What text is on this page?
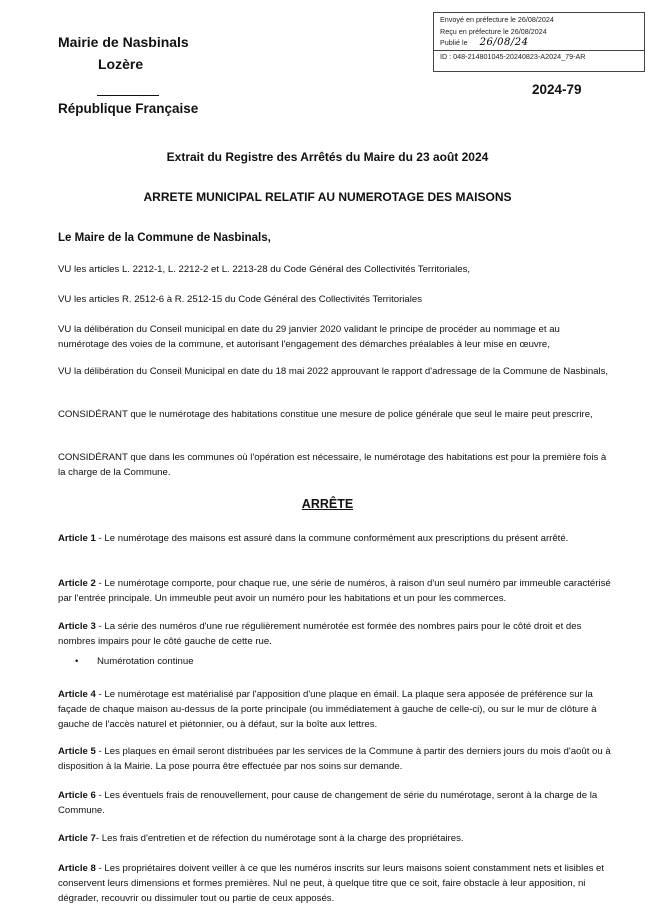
Envoyé en préfecture le 26/08/2024
Reçu en préfecture le 26/08/2024
Publié le 26/08/24
ID : 048-214801045-20240823-A2024_79-AR
Mairie de Nasbinals
Lozère
République Française
2024-79
Extrait du Registre des Arrêtés du Maire du 23 août 2024
ARRETE MUNICIPAL RELATIF AU NUMEROTAGE DES MAISONS
Le Maire de la Commune de Nasbinals,
VU les articles L. 2212-1, L. 2212-2 et L. 2213-28 du Code Général des Collectivités Territoriales,
VU les articles R. 2512-6 à R. 2512-15 du Code Général des Collectivités Territoriales
VU la délibération du Conseil municipal en date du 29 janvier 2020 validant le principe de procéder au nommage et au numérotage des voies de la commune, et autorisant l'engagement des démarches préalables à leur mise en œuvre,
VU la délibération du Conseil Municipal en date du 18 mai 2022 approuvant le rapport d'adressage de la Commune de Nasbinals,
CONSIDÉRANT que le numérotage des habitations constitue une mesure de police générale que seul le maire peut prescrire,
CONSIDÉRANT que dans les communes où l'opération est nécessaire, le numérotage des habitations est pour la première fois à la charge de la Commune.
ARRÊTE
Article 1 - Le numérotage des maisons est assuré dans la commune conformément aux prescriptions du présent arrêté.
Article 2 - Le numérotage comporte, pour chaque rue, une série de numéros, à raison d'un seul numéro par immeuble caractérisé par l'entrée principale. Un immeuble peut avoir un numéro pour les habitations et un pour les commerces.
Article 3 - La série des numéros d'une rue régulièrement numérotée est formée des nombres pairs pour le côté droit et des nombres impairs pour le côté gauche de cette rue.
• Numérotation continue
Article 4 - Le numérotage est matérialisé par l'apposition d'une plaque en émail. La plaque sera apposée de préférence sur la façade de chaque maison au-dessus de la porte principale (ou immédiatement à gauche de celle-ci), ou sur le mur de clôture à gauche de l'accès naturel et piétonnier, ou à défaut, sur la boîte aux lettres.
Article 5 - Les plaques en émail seront distribuées par les services de la Commune à partir des derniers jours du mois d'août ou à disposition à la Mairie. La pose pourra être effectuée par nos soins sur demande.
Article 6 - Les éventuels frais de renouvellement, pour cause de changement de série du numérotage, seront à la charge de la Commune.
Article 7- Les frais d'entretien et de réfection du numérotage sont à la charge des propriétaires.
Article 8 - Les propriétaires doivent veiller à ce que les numéros inscrits sur leurs maisons soient constamment nets et lisibles et conservent leurs dimensions et formes premières. Nul ne peut, à quelque titre que ce soit, faire obstacle à leur apposition, ni dégrader, recouvrir ou dissimuler tout ou partie de ceux apposés.
